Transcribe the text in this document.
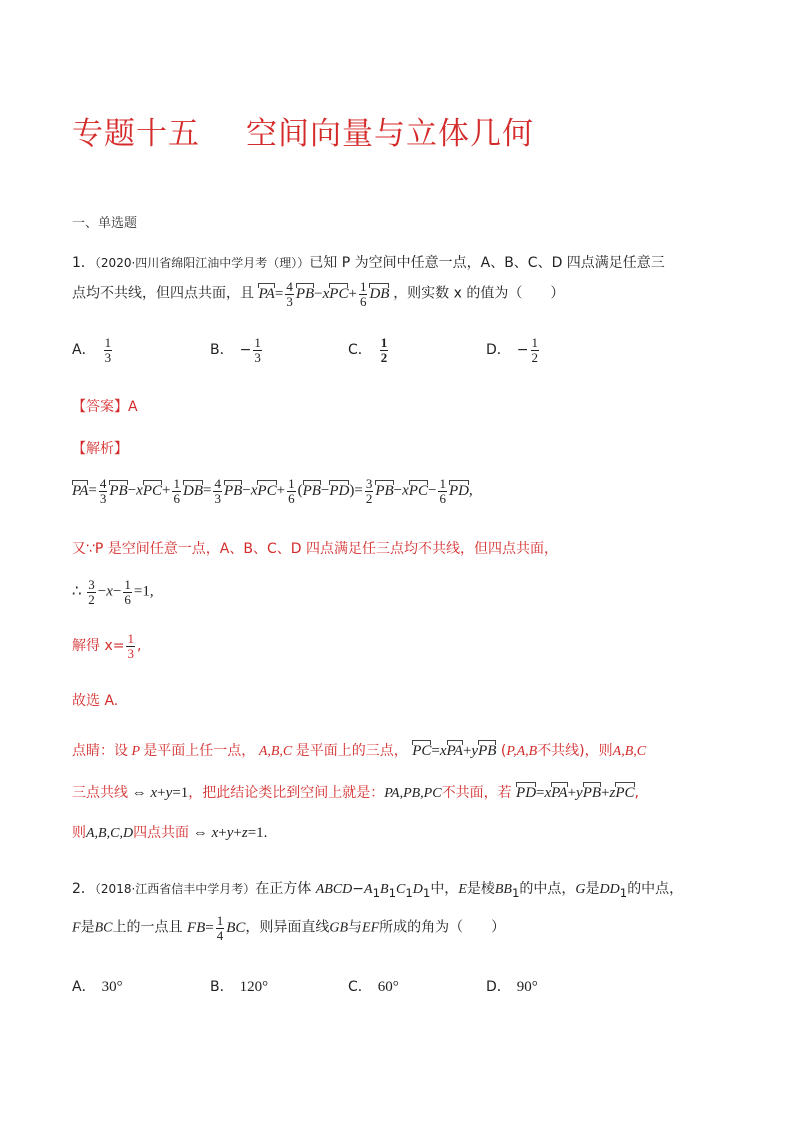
专题十五 空间向量与立体几何
一、单选题
1．（2020·四川省绵阳江油中学月考（理））已知 P 为空间中任意一点，A、B、C、D 四点满足任意三
点均不共线，但四点共面，且 $PA= \frac{4}{3} PB-xPC+ \frac{1}{6}$ DB ，则实数 x 的值为（　　）
A． $\frac{1}{3}$	B． − $\frac{1}{3}$	C． $\frac{1}{2}$	D． − $\frac{1}{2}$
【答案】A
【解析】
$PA= \frac{4}{3} PB-xPC+ \frac{1}{6} DB= \frac{4}{3} PB-xPC+ \frac{1}{6} (PB-PD)= \frac{3}{2} PB-xPC- \frac{1}{6}$ PD,
又∵P 是空间任意一点，A、B、C、D 四点满足任三点均不共线，但四点共面，
∴ $\frac{3}{2} -x- \frac{1}{6} =1$,
解得 $x= \frac{1}{3}$ ,
故选 A.
点睛：设 P 是平面上任一点， A,B,C 是平面上的三点， PC=xPA+yPB (P,A,B不共线)，则A,B,C
三点共线 ⇔ x+y=1，把此结论类比到空间上就是：PA,PB,PC不共面，若 PD=xPA+yPB+zPC,
则A,B,C,D四点共面 ⇔ x+y+z=1.
2．（2018·江西省信丰中学月考）在正方体 $ABCD-A_1B_1C_1D_1$中，E是棱$BB_1$的中点，G是$DD_1$的中点，
F是BC上的一点且 $FB= \frac{1}{4}$ BC，则异面直线GB与EF所成的角为（　　）
A． 30°	B． 120°	C． 60°	D． 90°
